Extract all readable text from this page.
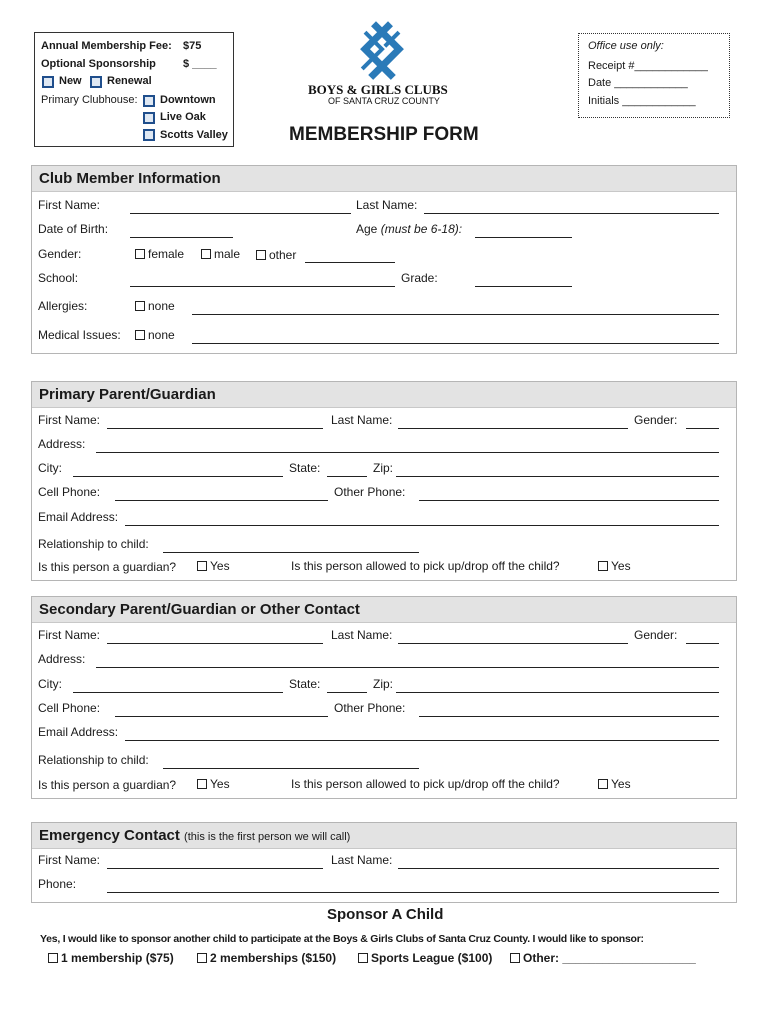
Annual Membership Fee: $75
Optional Sponsorship $ ____
New Renewal
Primary Clubhouse: Downtown
Live Oak
Scotts Valley
BOYS & GIRLS CLUBS
OF SANTA CRUZ COUNTY
Office use only:
Receipt #____________
Date ____________
Initials ____________
MEMBERSHIP FORM
Club Member Information
First Name:	Last Name:
Date of Birth:	Age (must be 6-18):
Gender:	female	male	other
School:	Grade:
Allergies:	none
Medical Issues:	none
Primary Parent/Guardian
First Name:	Last Name:	Gender:
Address:
City:	State:	Zip:
Cell Phone:	Other Phone:
Email Address:
Relationship to child:
Is this person a guardian?	Yes	Is this person allowed to pick up/drop off the child?	Yes
Secondary Parent/Guardian or Other Contact
First Name:	Last Name:	Gender:
Address:
City:	State:	Zip:
Cell Phone:	Other Phone:
Email Address:
Relationship to child:
Is this person a guardian?	Yes	Is this person allowed to pick up/drop off the child?	Yes
Emergency Contact (this is the first person we will call)
First Name:	Last Name:
Phone:
Sponsor A Child
Yes, I would like to sponsor another child to participate at the Boys & Girls Clubs of Santa Cruz County. I would like to sponsor:
1 membership ($75)	2 memberships ($150)	Sports League ($100)	Other: ____________________
